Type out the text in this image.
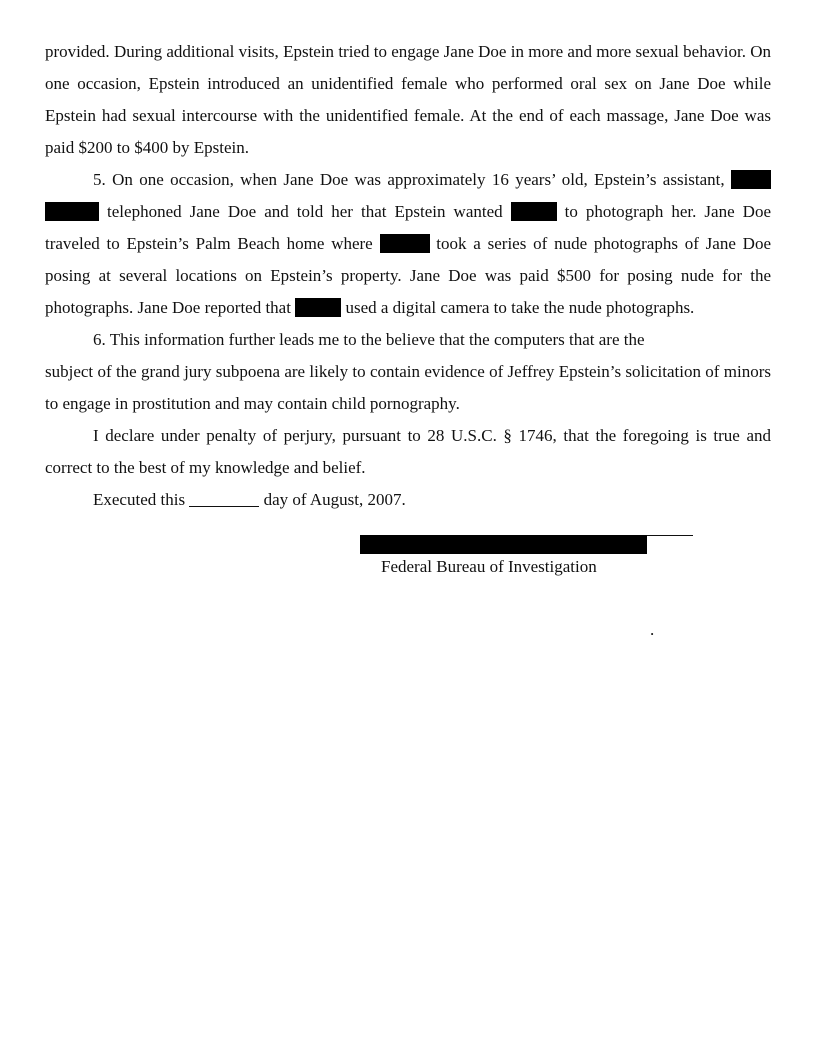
provided. During additional visits, Epstein tried to engage Jane Doe in more and more sexual behavior. On one occasion, Epstein introduced an unidentified female who performed oral sex on Jane Doe while Epstein had sexual intercourse with the unidentified female. At the end of each massage, Jane Doe was paid $200 to $400 by Epstein.

5. On one occasion, when Jane Doe was approximately 16 years’ old, Epstein’s assistant,   telephoned Jane Doe and told her that Epstein wanted	to photograph her. Jane Doe traveled to Epstein’s Palm Beach home where	took a series of nude photographs of Jane Doe posing at several locations on Epstein’s property. Jane Doe was paid $500 for posing nude for the photographs. Jane Doe reported that	used a digital camera to take the nude photographs.

6. This information further leads me to the believe that the computers that are the

subject of the grand jury subpoena are likely to contain evidence of Jeffrey Epstein’s solicitation of minors to engage in prostitution and may contain child pornography.

I declare under penalty of perjury, pursuant to 28 U.S.C. § 1746, that the foregoing is true and correct to the best of my knowledge and belief.

Executed this	day of August, 2007.

Federal Bureau of Investigation
.
